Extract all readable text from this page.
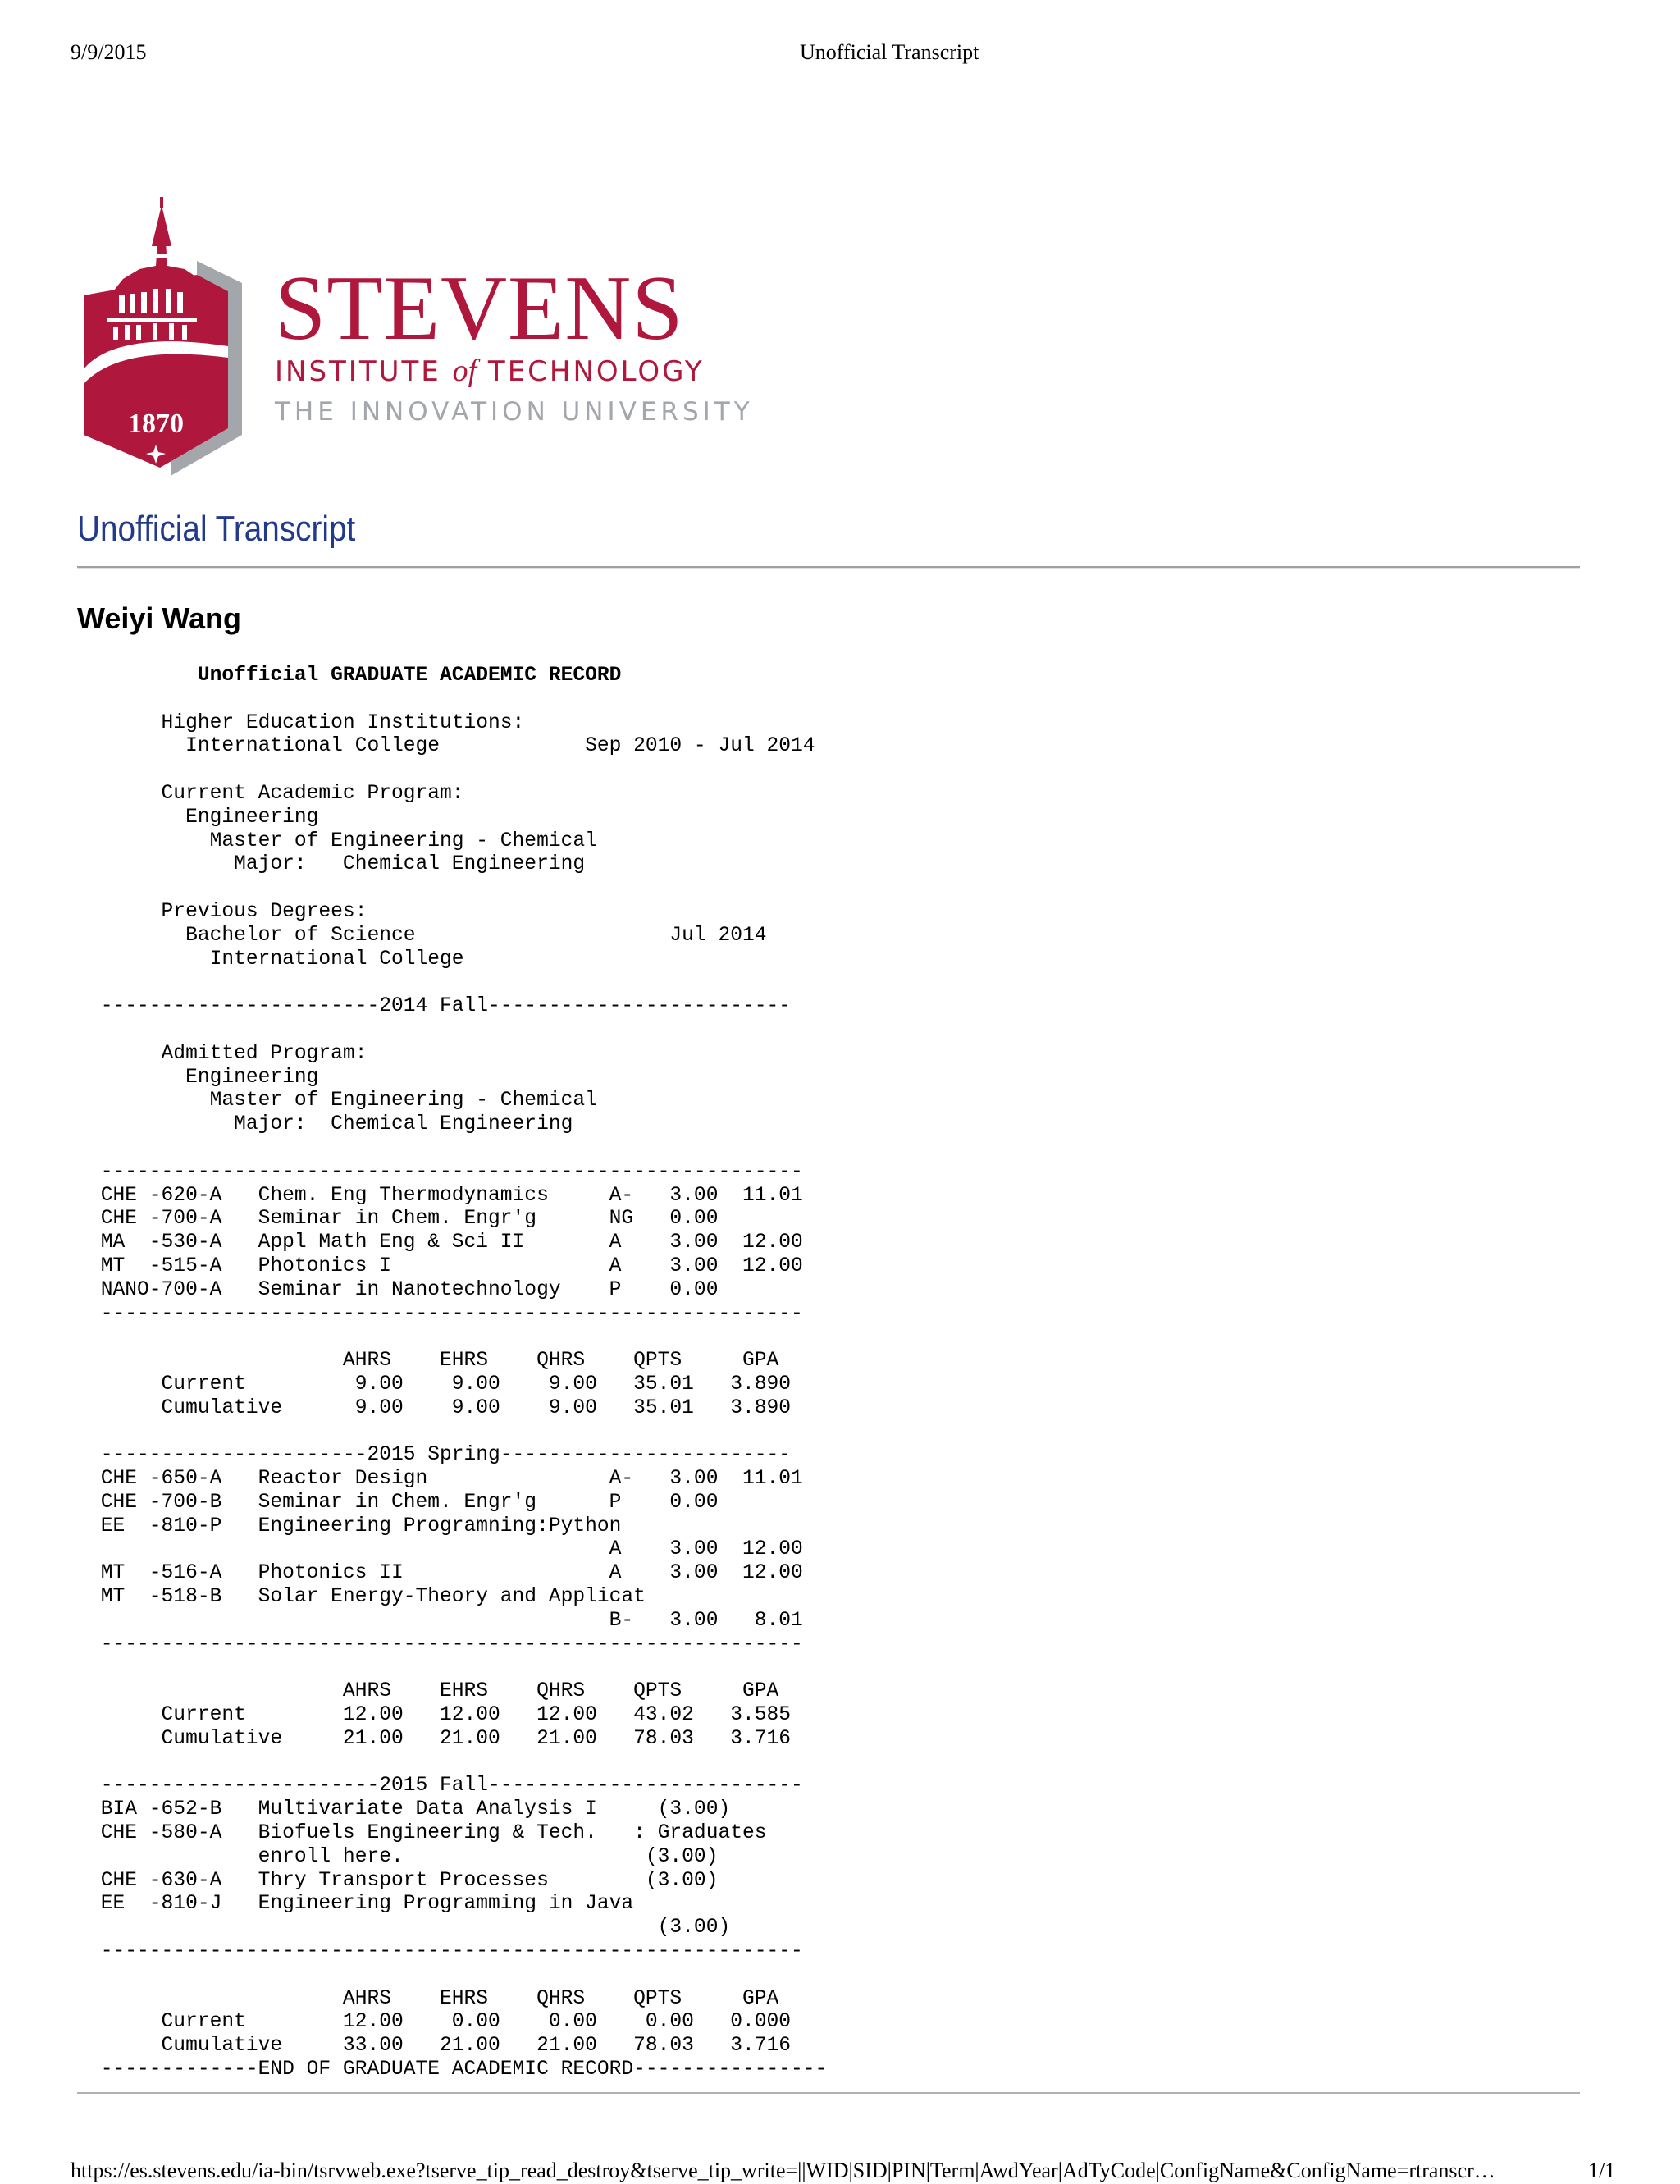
9/9/2015	Unofficial Transcript
1870
STEVENS
INSTITUTE of TECHNOLOGY
THE INNOVATION UNIVERSITY
Unofficial Transcript
Weiyi Wang
Unofficial GRADUATE ACADEMIC RECORD
Higher Education Institutions:
International College            Sep 2010 - Jul 2014
Current Academic Program:
Engineering
Master of Engineering - Chemical
Major:   Chemical Engineering
Previous Degrees:
Bachelor of Science                     Jul 2014
International College
-----------------------2014 Fall-------------------------
Admitted Program:
Engineering
Master of Engineering - Chemical
Major:  Chemical Engineering
----------------------------------------------------------
CHE -620-A   Chem. Eng Thermodynamics     A-   3.00  11.01
CHE -700-A   Seminar in Chem. Engr'g      NG   0.00
MA  -530-A   Appl Math Eng & Sci II       A    3.00  12.00
MT  -515-A   Photonics I                  A    3.00  12.00
NANO-700-A   Seminar in Nanotechnology    P    0.00
----------------------------------------------------------
AHRS    EHRS    QHRS    QPTS     GPA
Current         9.00    9.00    9.00   35.01   3.890
Cumulative      9.00    9.00    9.00   35.01   3.890
----------------------2015 Spring------------------------
CHE -650-A   Reactor Design               A-   3.00  11.01
CHE -700-B   Seminar in Chem. Engr'g      P    0.00
EE  -810-P   Engineering Programning:Python
A    3.00  12.00
MT  -516-A   Photonics II                 A    3.00  12.00
MT  -518-B   Solar Energy-Theory and Applicat
B-   3.00   8.01
----------------------------------------------------------
AHRS    EHRS    QHRS    QPTS     GPA
Current        12.00   12.00   12.00   43.02   3.585
Cumulative     21.00   21.00   21.00   78.03   3.716
-----------------------2015 Fall--------------------------
BIA -652-B   Multivariate Data Analysis I     (3.00)
CHE -580-A   Biofuels Engineering & Tech.   : Graduates
enroll here.                    (3.00)
CHE -630-A   Thry Transport Processes        (3.00)
EE  -810-J   Engineering Programming in Java
(3.00)
----------------------------------------------------------
AHRS    EHRS    QHRS    QPTS     GPA
Current        12.00    0.00    0.00    0.00   0.000
Cumulative     33.00   21.00   21.00   78.03   3.716
-------------END OF GRADUATE ACADEMIC RECORD----------------
https://es.stevens.edu/ia-bin/tsrvweb.exe?tserve_tip_read_destroy&tserve_tip_write=||WID|SID|PIN|Term|AwdYear|AdTyCode|ConfigName&ConfigName=rtranscr…	1/1
